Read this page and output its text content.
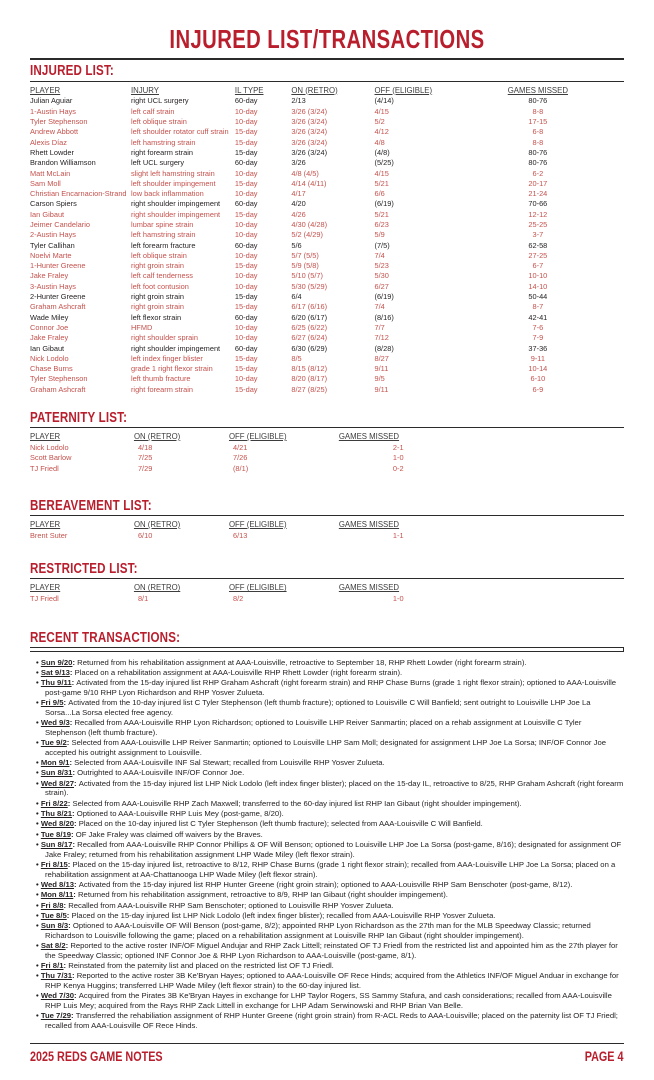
INJURED LIST/TRANSACTIONS
INJURED LIST:
PLAYER	INJURY	IL TYPE	ON (RETRO)	OFF (ELIGIBLE)	GAMES MISSED
Julian Aguiar	right UCL surgery	60-day	2/13	(4/14)	80-76
1-Austin Hays	left calf strain	10-day	3/26 (3/24)	4/15	8-8
Tyler Stephenson	left oblique strain	10-day	3/26 (3/24)	5/2	17-15
Andrew Abbott	left shoulder rotator cuff strain	15-day	3/26 (3/24)	4/12	6-8
Alexis Díaz	left hamstring strain	15-day	3/26 (3/24)	4/8	8-8
Rhett Lowder	right forearm strain	15-day	3/26 (3/24)	(4/8)	80-76
Brandon Williamson	left UCL surgery	60-day	3/26	(5/25)	80-76
Matt McLain	slight left hamstring strain	10-day	4/8 (4/5)	4/15	6-2
Sam Moll	left shoulder impingement	15-day	4/14 (4/11)	5/21	20-17
Christian Encarnacion-Strand	low back inflammation	10-day	4/17	6/6	21-24
Carson Spiers	right shoulder impingement	60-day	4/20	(6/19)	70-66
Ian Gibaut	right shoulder impingement	15-day	4/26	5/21	12-12
Jeimer Candelario	lumbar spine strain	10-day	4/30 (4/28)	6/23	25-25
2-Austin Hays	left hamstring strain	10-day	5/2 (4/29)	5/9	3-7
Tyler Callihan	left forearm fracture	60-day	5/6	(7/5)	62-58
Noelvi Marte	left oblique strain	10-day	5/7 (5/5)	7/4	27-25
1-Hunter Greene	right groin strain	15-day	5/9 (5/8)	5/23	6-7
Jake Fraley	left calf tenderness	10-day	5/10 (5/7)	5/30	10-10
3-Austin Hays	left foot contusion	10-day	5/30 (5/29)	6/27	14-10
2-Hunter Greene	right groin strain	15-day	6/4	(6/19)	50-44
Graham Ashcraft	right groin strain	15-day	6/17 (6/16)	7/4	8-7
Wade Miley	left flexor strain	60-day	6/20 (6/17)	(8/16)	42-41
Connor Joe	HFMD	10-day	6/25 (6/22)	7/7	7-6
Jake Fraley	right shoulder sprain	10-day	6/27 (6/24)	7/12	7-9
Ian Gibaut	right shoulder impingement	60-day	6/30 (6/29)	(8/28)	37-36
Nick Lodolo	left index finger blister	15-day	8/5	8/27	9-11
Chase Burns	grade 1 right flexor strain	15-day	8/15 (8/12)	9/11	10-14
Tyler Stephenson	left thumb fracture	10-day	8/20 (8/17)	9/5	6-10
Graham Ashcraft	right forearm strain	15-day	8/27 (8/25)	9/11	6-9
PATERNITY LIST:
PLAYER	ON (RETRO)	OFF (ELIGIBLE)	GAMES MISSED	
Nick Lodolo	4/18	4/21	2-1	
Scott Barlow	7/25	7/26	1-0	
TJ Friedl	7/29	(8/1)	0-2	
BEREAVEMENT LIST:
PLAYER	ON (RETRO)	OFF (ELIGIBLE)	GAMES MISSED	
Brent Suter	6/10	6/13	1-1	
RESTRICTED LIST:
PLAYER	ON (RETRO)	OFF (ELIGIBLE)	GAMES MISSED	
TJ Friedl	8/1	8/2	1-0	
RECENT TRANSACTIONS:
• Sun 9/20: Returned from his rehabilitation assignment at AAA-Louisville, retroactive to September 18, RHP Rhett Lowder (right forearm strain).
• Sat 9/13: Placed on a rehabilitation assignment at AAA-Louisville RHP Rhett Lowder (right forearm strain).
• Thu 9/11: Activated from the 15-day injured list RHP Graham Ashcraft (right forearm strain) and RHP Chase Burns (grade 1 right flexor strain); optioned to AAA-Louisville post-game 9/10 RHP Lyon Richardson and RHP Yosver Zulueta.
• Fri 9/5: Activated from the 10-day injured list C Tyler Stephenson (left thumb fracture); optioned to Louisville C Will Banfield; sent outright to Louisville LHP Joe La Sorsa...La Sorsa elected free agency.
• Wed 9/3: Recalled from AAA-Louisville RHP Lyon Richardson; optioned to Louisville LHP Reiver Sanmartin; placed on a rehab assignment at Louisville C Tyler Stephenson (left thumb fracture).
• Tue 9/2: Selected from AAA-Louisville LHP Reiver Sanmartin; optioned to Louisville LHP Sam Moll; designated for assignment LHP Joe La Sorsa; INF/OF Connor Joe accepted his outright assignment to Louisville.
• Mon 9/1: Selected from AAA-Louisville INF Sal Stewart; recalled from Louisville RHP Yosver Zulueta.
• Sun 8/31: Outrighted to AAA-Louisville INF/OF Connor Joe.
• Wed 8/27: Activated from the 15-day injured list LHP Nick Lodolo (left index finger blister); placed on the 15-day IL, retroactive to 8/25, RHP Graham Ashcraft (right forearm strain).
• Fri 8/22: Selected from AAA-Louisville RHP Zach Maxwell; transferred to the 60-day injured list RHP Ian Gibaut (right shoulder impingement).
• Thu 8/21: Optioned to AAA-Louisville RHP Luis Mey (post-game, 8/20).
• Wed 8/20: Placed on the 10-day injured list C Tyler Stephenson (left thumb fracture); selected from AAA-Louisville C Will Banfield.
• Tue 8/19: OF Jake Fraley was claimed off waivers by the Braves.
• Sun 8/17: Recalled from AAA-Louisville RHP Connor Phillips & OF Will Benson; optioned to Louisville LHP Joe La Sorsa (post-game, 8/16); designated for assignment OF Jake Fraley; returned from his rehabilitation assignment LHP Wade Miley (left flexor strain).
• Fri 8/15: Placed on the 15-day injured list, retroactive to 8/12, RHP Chase Burns (grade 1 right flexor strain); recalled from AAA-Louisville LHP Joe La Sorsa; placed on a rehabilitation assignment at AA-Chattanooga LHP Wade Miley (left flexor strain).
• Wed 8/13: Activated from the 15-day injured list RHP Hunter Greene (right groin strain); optioned to AAA-Louisville RHP Sam Benschoter (post-game, 8/12).
• Mon 8/11: Returned from his rehabilitation assignment, retroactive to 8/9, RHP Ian Gibaut (right shoulder impingement).
• Fri 8/8: Recalled from AAA-Louisville RHP Sam Benschoter; optioned to Louisville RHP Yosver Zulueta.
• Tue 8/5: Placed on the 15-day injured list LHP Nick Lodolo (left index finger blister); recalled from AAA-Louisville RHP Yosver Zulueta.
• Sun 8/3: Optioned to AAA-Louisville OF Will Benson (post-game, 8/2); appointed RHP Lyon Richardson as the 27th man for the MLB Speedway Classic; returned Richardson to Louisville following the game; placed on a rehabilitation assignment at Louisville RHP Ian Gibaut (right shoulder impingement).
• Sat 8/2: Reported to the active roster INF/OF Miguel Andujar and RHP Zack Littell; reinstated OF TJ Friedl from the restricted list and appointed him as the 27th player for the Speedway Classic; optioned INF Connor Joe & RHP Lyon Richardson to AAA-Louisville (post-game, 8/1).
• Fri 8/1: Reinstated from the paternity list and placed on the restricted list OF TJ Friedl.
• Thu 7/31: Reported to the active roster 3B Ke'Bryan Hayes; optioned to AAA-Louisville OF Rece Hinds; acquired from the Athletics INF/OF Miguel Anduar in exchange for RHP Kenya Huggins; transferred LHP Wade Miley (left flexor strain) to the 60-day injured list.
• Wed 7/30: Acquired from the Pirates 3B Ke'Bryan Hayes in exchange for LHP Taylor Rogers, SS Sammy Stafura, and cash considerations; recalled from AAA-Louisville RHP Luis Mey; acquired from the Rays RHP Zack Littell in exchange for LHP Adam Serwinowski and RHP Brian Van Belle.
• Tue 7/29: Transferred the rehabiliation assignment of RHP Hunter Greene (right groin strain) from R-ACL Reds to AAA-Louisville; placed on the paternity list OF TJ Friedl; recalled from AAA-Louisville OF Rece Hinds.
2025 REDS GAME NOTES	PAGE 4
